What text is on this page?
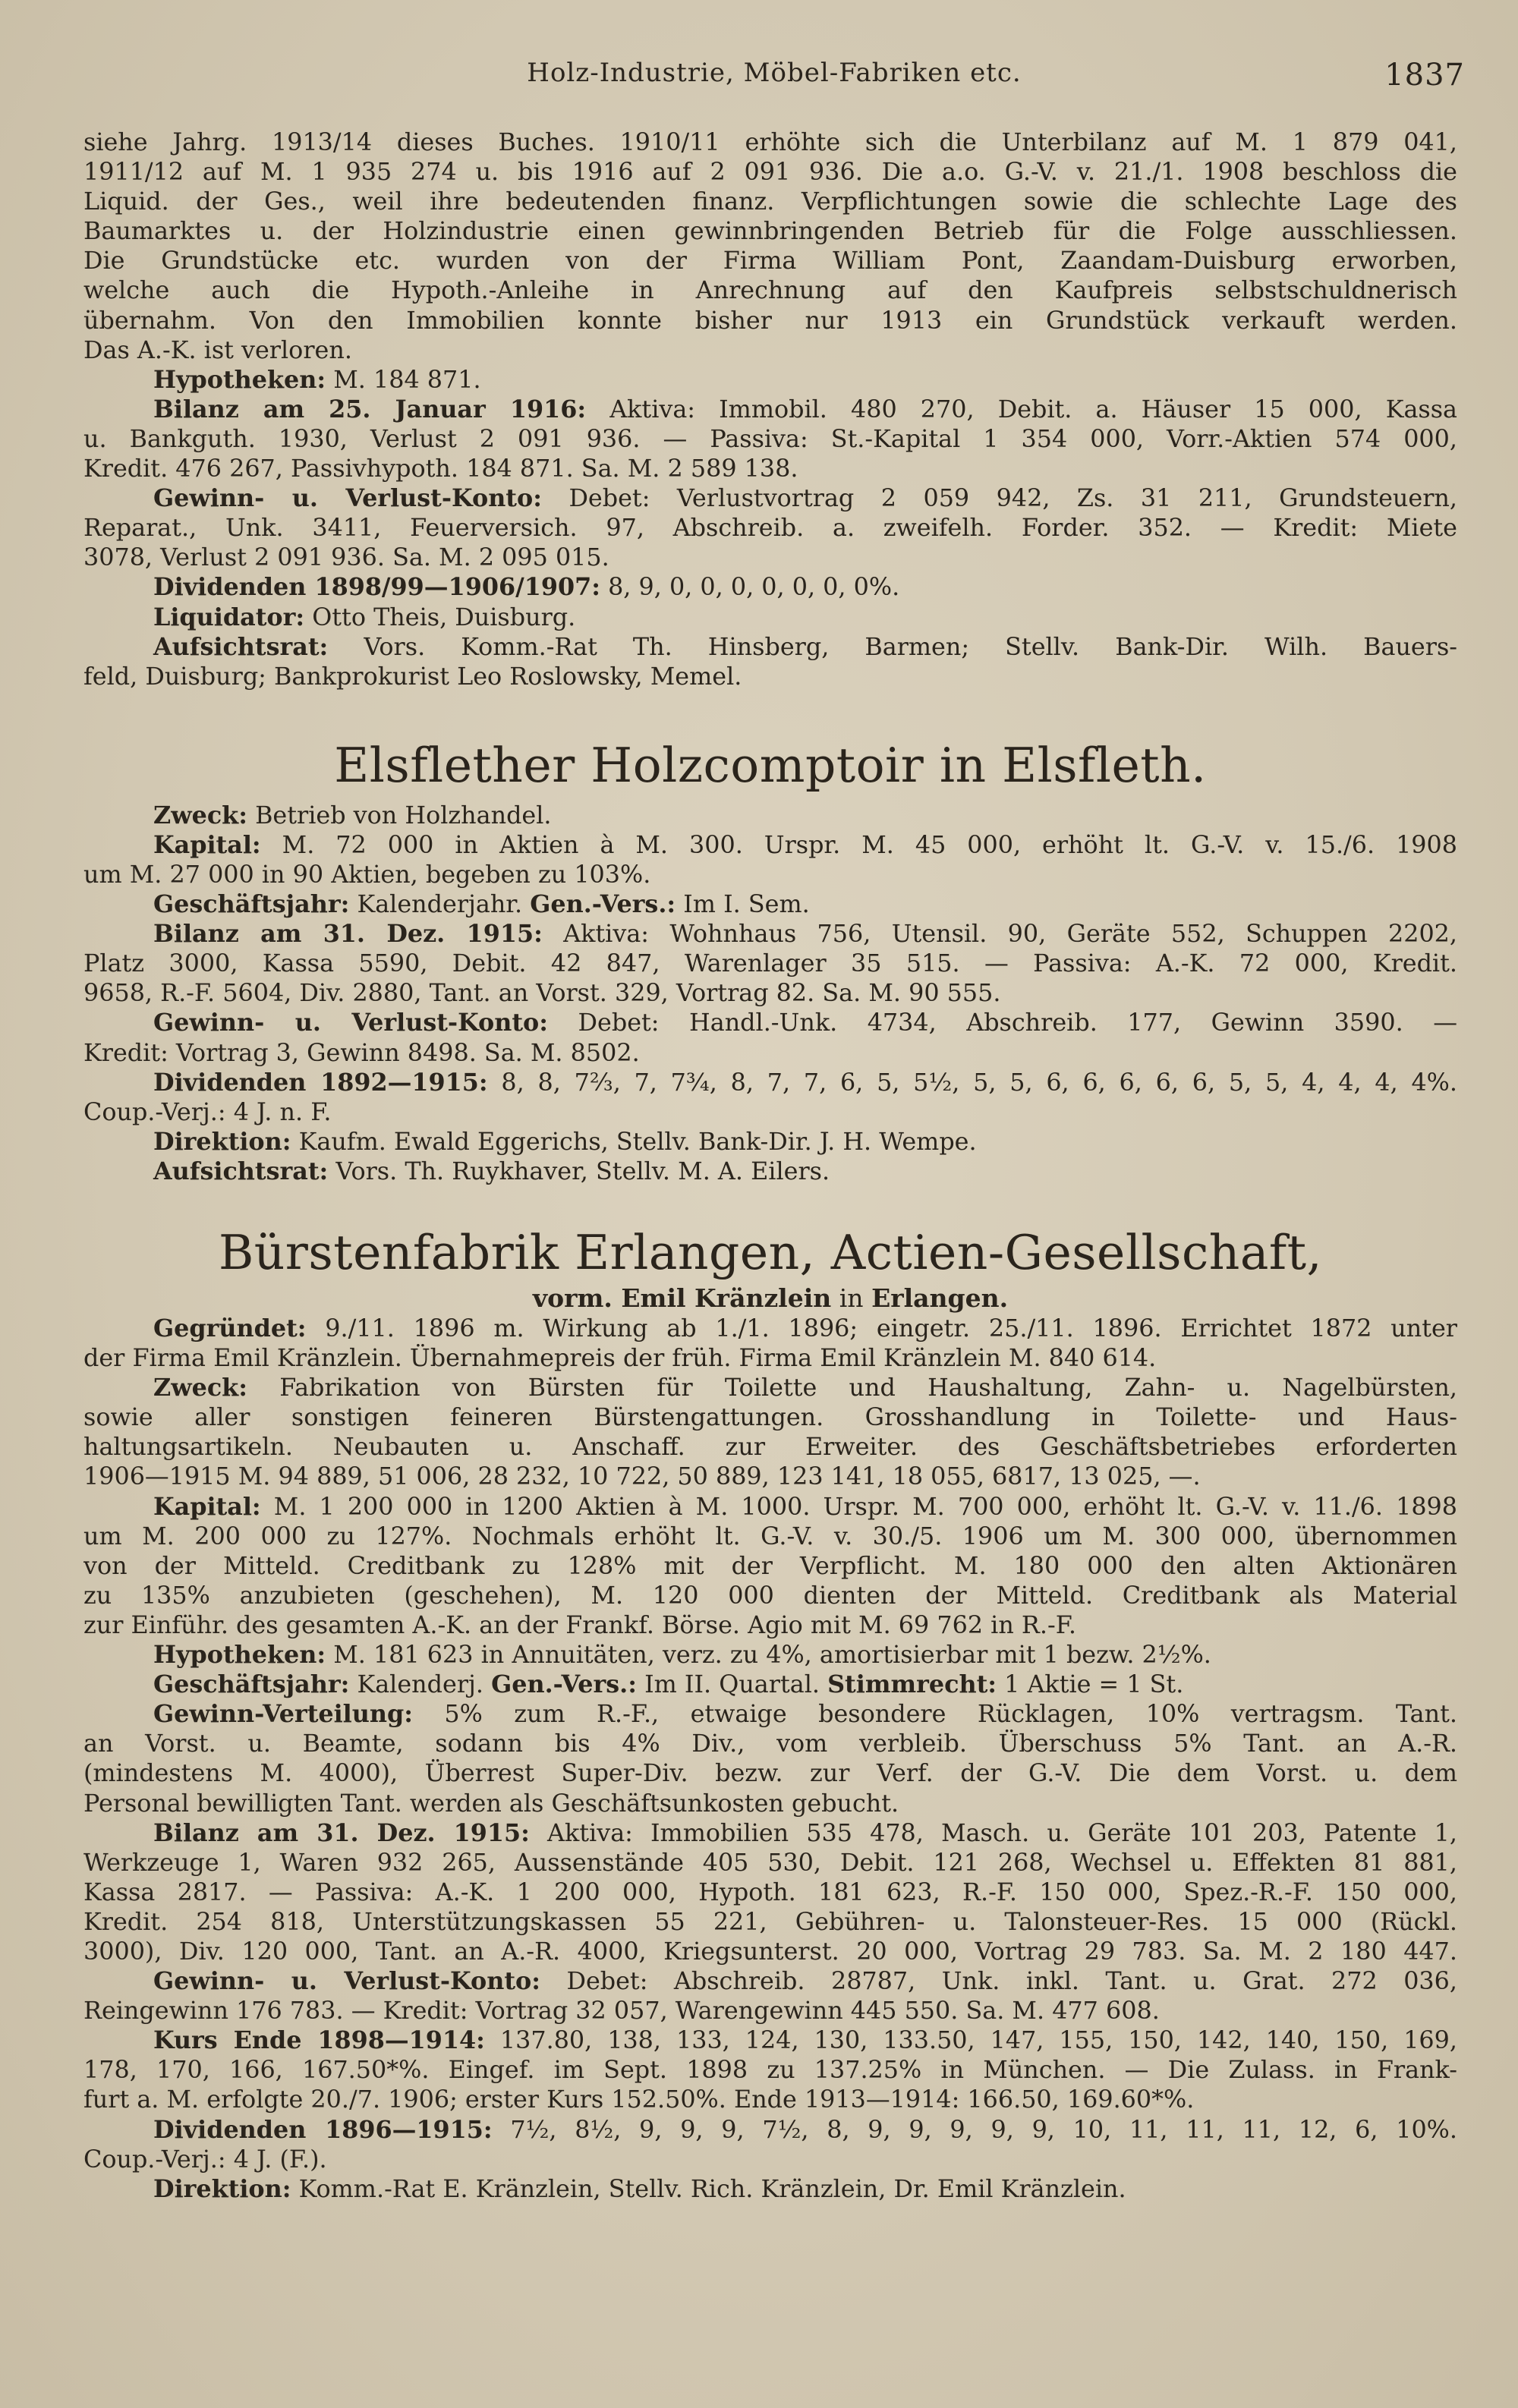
Holz-Industrie, Möbel-Fabriken etc.	1837
siehe Jahrg. 1913/14 dieses Buches. 1910/11 erhöhte sich die Unterbilanz auf M. 1 879 041,
1911/12 auf M. 1 935 274 u. bis 1916 auf 2 091 936. Die a.o. G.-V. v. 21./1. 1908 beschloss die
Liquid. der Ges., weil ihre bedeutenden finanz. Verpflichtungen sowie die schlechte Lage des
Baumarktes u. der Holzindustrie einen gewinnbringenden Betrieb für die Folge ausschliessen.
Die Grundstücke etc. wurden von der Firma William Pont, Zaandam-Duisburg erworben,
welche auch die Hypoth.-Anleihe in Anrechnung auf den Kaufpreis selbstschuldnerisch
übernahm. Von den Immobilien konnte bisher nur 1913 ein Grundstück verkauft werden.
Das A.-K. ist verloren.
Hypotheken: M. 184 871.
Bilanz am 25. Januar 1916: Aktiva: Immobil. 480 270, Debit. a. Häuser 15 000, Kassa
u. Bankguth. 1930, Verlust 2 091 936. — Passiva: St.-Kapital 1 354 000, Vorr.-Aktien 574 000,
Kredit. 476 267, Passivhypoth. 184 871. Sa. M. 2 589 138.
Gewinn- u. Verlust-Konto: Debet: Verlustvortrag 2 059 942, Zs. 31 211, Grundsteuern,
Reparat., Unk. 3411, Feuerversich. 97, Abschreib. a. zweifelh. Forder. 352. — Kredit: Miete
3078, Verlust 2 091 936. Sa. M. 2 095 015.
Dividenden 1898/99—1906/1907: 8, 9, 0, 0, 0, 0, 0, 0, 0%.
Liquidator: Otto Theis, Duisburg.
Aufsichtsrat: Vors. Komm.-Rat Th. Hinsberg, Barmen; Stellv. Bank-Dir. Wilh. Bauers-
feld, Duisburg; Bankprokurist Leo Roslowsky, Memel.
Elsflether Holzcomptoir in Elsfleth.
Zweck: Betrieb von Holzhandel.
Kapital: M. 72 000 in Aktien à M. 300. Urspr. M. 45 000, erhöht lt. G.-V. v. 15./6. 1908
um M. 27 000 in 90 Aktien, begeben zu 103%.
Geschäftsjahr: Kalenderjahr. Gen.-Vers.: Im I. Sem.
Bilanz am 31. Dez. 1915: Aktiva: Wohnhaus 756, Utensil. 90, Geräte 552, Schuppen 2202,
Platz 3000, Kassa 5590, Debit. 42 847, Warenlager 35 515. — Passiva: A.-K. 72 000, Kredit.
9658, R.-F. 5604, Div. 2880, Tant. an Vorst. 329, Vortrag 82. Sa. M. 90 555.
Gewinn- u. Verlust-Konto: Debet: Handl.-Unk. 4734, Abschreib. 177, Gewinn 3590. —
Kredit: Vortrag 3, Gewinn 8498. Sa. M. 8502.
Dividenden 1892—1915: 8, 8, 7⅔, 7, 7¾, 8, 7, 7, 6, 5, 5½, 5, 5, 6, 6, 6, 6, 6, 5, 5, 4, 4, 4, 4%.
Coup.-Verj.: 4 J. n. F.
Direktion: Kaufm. Ewald Eggerichs, Stellv. Bank-Dir. J. H. Wempe.
Aufsichtsrat: Vors. Th. Ruykhaver, Stellv. M. A. Eilers.
Bürstenfabrik Erlangen, Actien-Gesellschaft,
vorm. Emil Kränzlein in Erlangen.
Gegründet: 9./11. 1896 m. Wirkung ab 1./1. 1896; eingetr. 25./11. 1896. Errichtet 1872 unter
der Firma Emil Kränzlein. Übernahmepreis der früh. Firma Emil Kränzlein M. 840 614.
Zweck: Fabrikation von Bürsten für Toilette und Haushaltung, Zahn- u. Nagelbürsten,
sowie aller sonstigen feineren Bürstengattungen. Grosshandlung in Toilette- und Haus-
haltungsartikeln. Neubauten u. Anschaff. zur Erweiter. des Geschäftsbetriebes erforderten
1906—1915 M. 94 889, 51 006, 28 232, 10 722, 50 889, 123 141, 18 055, 6817, 13 025, —.
Kapital: M. 1 200 000 in 1200 Aktien à M. 1000. Urspr. M. 700 000, erhöht lt. G.-V. v. 11./6. 1898
um M. 200 000 zu 127%. Nochmals erhöht lt. G.-V. v. 30./5. 1906 um M. 300 000, übernommen
von der Mitteld. Creditbank zu 128% mit der Verpflicht. M. 180 000 den alten Aktionären
zu 135% anzubieten (geschehen), M. 120 000 dienten der Mitteld. Creditbank als Material
zur Einführ. des gesamten A.-K. an der Frankf. Börse. Agio mit M. 69 762 in R.-F.
Hypotheken: M. 181 623 in Annuitäten, verz. zu 4%, amortisierbar mit 1 bezw. 2½%.
Geschäftsjahr: Kalenderj. Gen.-Vers.: Im II. Quartal. Stimmrecht: 1 Aktie = 1 St.
Gewinn-Verteilung: 5% zum R.-F., etwaige besondere Rücklagen, 10% vertragsm. Tant.
an Vorst. u. Beamte, sodann bis 4% Div., vom verbleib. Überschuss 5% Tant. an A.-R.
(mindestens M. 4000), Überrest Super-Div. bezw. zur Verf. der G.-V. Die dem Vorst. u. dem
Personal bewilligten Tant. werden als Geschäftsunkosten gebucht.
Bilanz am 31. Dez. 1915: Aktiva: Immobilien 535 478, Masch. u. Geräte 101 203, Patente 1,
Werkzeuge 1, Waren 932 265, Aussenstände 405 530, Debit. 121 268, Wechsel u. Effekten 81 881,
Kassa 2817. — Passiva: A.-K. 1 200 000, Hypoth. 181 623, R.-F. 150 000, Spez.-R.-F. 150 000,
Kredit. 254 818, Unterstützungskassen 55 221, Gebühren- u. Talonsteuer-Res. 15 000 (Rückl.
3000), Div. 120 000, Tant. an A.-R. 4000, Kriegsunterst. 20 000, Vortrag 29 783. Sa. M. 2 180 447.
Gewinn- u. Verlust-Konto: Debet: Abschreib. 28787, Unk. inkl. Tant. u. Grat. 272 036,
Reingewinn 176 783. — Kredit: Vortrag 32 057, Warengewinn 445 550. Sa. M. 477 608.
Kurs Ende 1898—1914: 137.80, 138, 133, 124, 130, 133.50, 147, 155, 150, 142, 140, 150, 169,
178, 170, 166, 167.50*%. Eingef. im Sept. 1898 zu 137.25% in München. — Die Zulass. in Frank-
furt a. M. erfolgte 20./7. 1906; erster Kurs 152.50%. Ende 1913—1914: 166.50, 169.60*%.
Dividenden 1896—1915: 7½, 8½, 9, 9, 9, 7½, 8, 9, 9, 9, 9, 9, 10, 11, 11, 11, 12, 6, 10%.
Coup.-Verj.: 4 J. (F.).
Direktion: Komm.-Rat E. Kränzlein, Stellv. Rich. Kränzlein, Dr. Emil Kränzlein.
